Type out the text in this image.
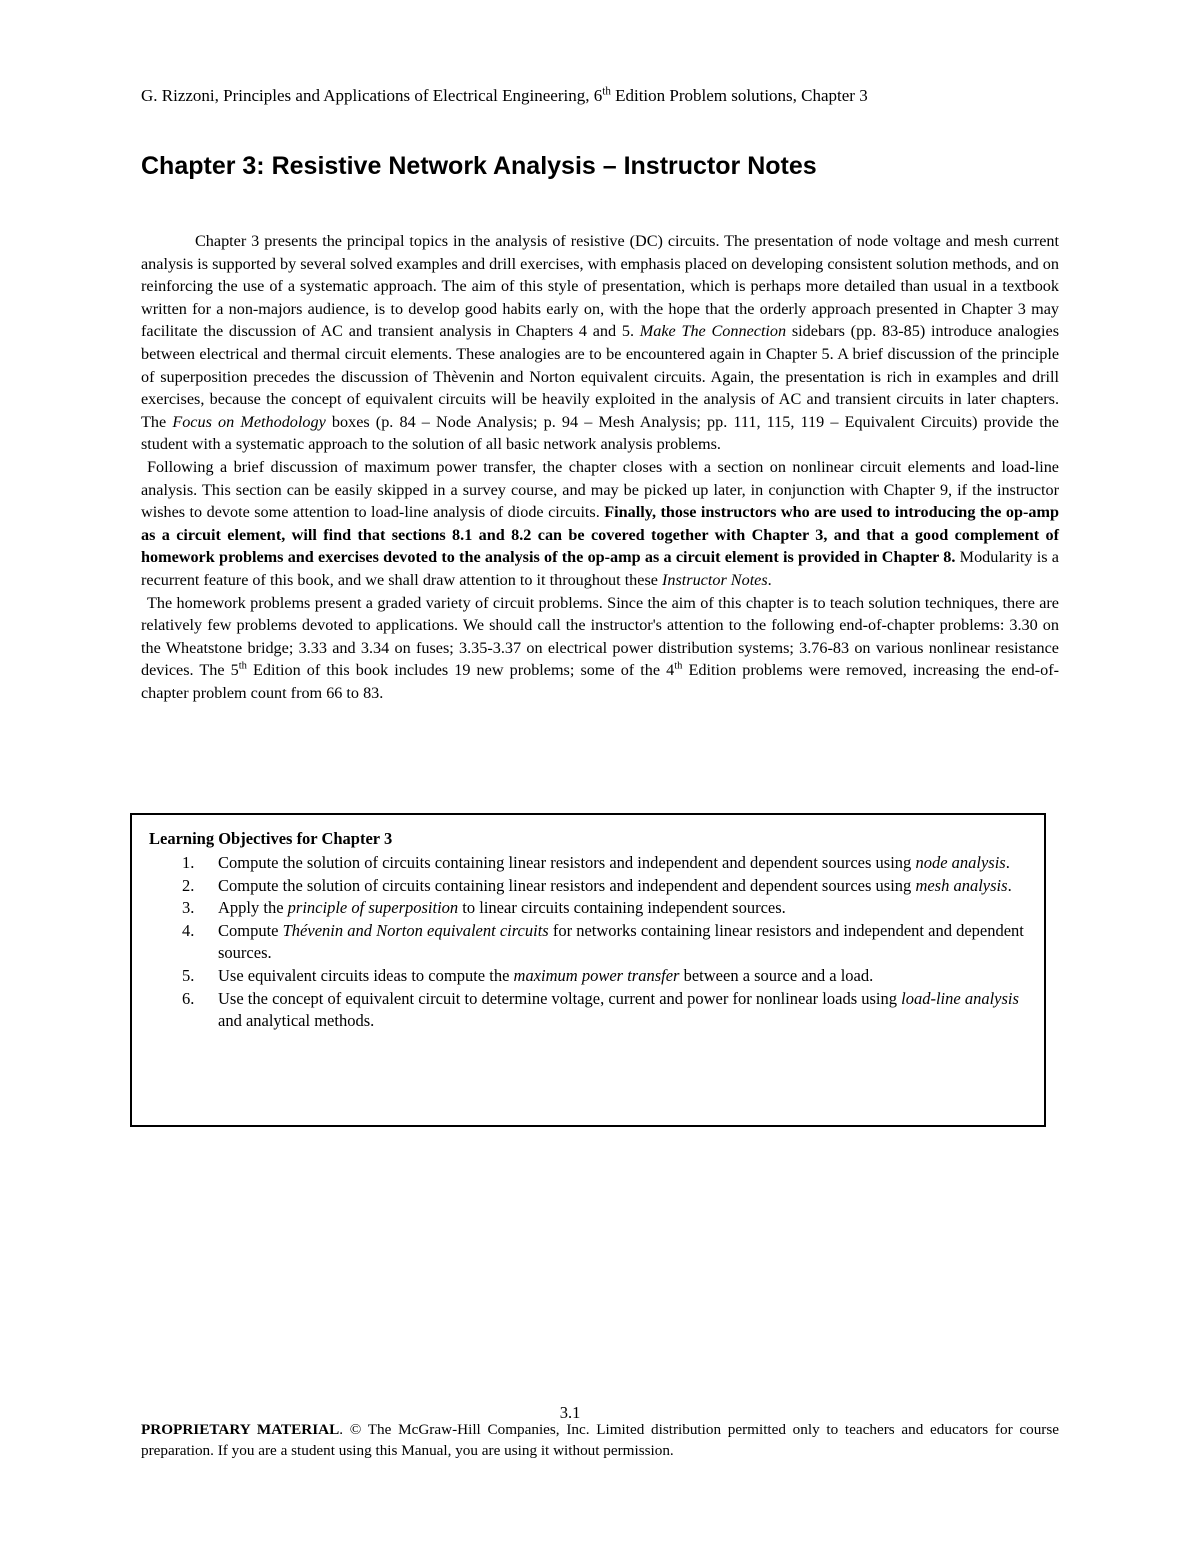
G. Rizzoni, Principles and Applications of Electrical Engineering, 6th Edition Problem solutions, Chapter 3
Chapter 3: Resistive Network Analysis – Instructor Notes

Chapter 3 presents the principal topics in the analysis of resistive (DC) circuits. The presentation of node voltage and mesh current analysis is supported by several solved examples and drill exercises, with emphasis placed on developing consistent solution methods, and on reinforcing the use of a systematic approach. The aim of this style of presentation, which is perhaps more detailed than usual in a textbook written for a non-majors audience, is to develop good habits early on, with the hope that the orderly approach presented in Chapter 3 may facilitate the discussion of AC and transient analysis in Chapters 4 and 5. Make The Connection sidebars (pp. 83-85) introduce analogies between electrical and thermal circuit elements. These analogies are to be encountered again in Chapter 5. A brief discussion of the principle of superposition precedes the discussion of Thèvenin and Norton equivalent circuits. Again, the presentation is rich in examples and drill exercises, because the concept of equivalent circuits will be heavily exploited in the analysis of AC and transient circuits in later chapters. The Focus on Methodology boxes (p. 84 – Node Analysis; p. 94 – Mesh Analysis; pp. 111, 115, 119 – Equivalent Circuits) provide the student with a systematic approach to the solution of all basic network analysis problems.

Following a brief discussion of maximum power transfer, the chapter closes with a section on nonlinear circuit elements and load-line analysis. This section can be easily skipped in a survey course, and may be picked up later, in conjunction with Chapter 9, if the instructor wishes to devote some attention to load-line analysis of diode circuits. Finally, those instructors who are used to introducing the op-amp as a circuit element, will find that sections 8.1 and 8.2 can be covered together with Chapter 3, and that a good complement of homework problems and exercises devoted to the analysis of the op-amp as a circuit element is provided in Chapter 8. Modularity is a recurrent feature of this book, and we shall draw attention to it throughout these Instructor Notes.

The homework problems present a graded variety of circuit problems. Since the aim of this chapter is to teach solution techniques, there are relatively few problems devoted to applications. We should call the instructor's attention to the following end-of-chapter problems: 3.30 on the Wheatstone bridge; 3.33 and 3.34 on fuses; 3.35-3.37 on electrical power distribution systems; 3.76-83 on various nonlinear resistance devices. The 5th Edition of this book includes 19 new problems; some of the 4th Edition problems were removed, increasing the end-of-chapter problem count from 66 to 83.

Learning Objectives for Chapter 3
1. Compute the solution of circuits containing linear resistors and independent and dependent sources using node analysis.
2. Compute the solution of circuits containing linear resistors and independent and dependent sources using mesh analysis.
3. Apply the principle of superposition to linear circuits containing independent sources.
4. Compute Thévenin and Norton equivalent circuits for networks containing linear resistors and independent and dependent sources.
5. Use equivalent circuits ideas to compute the maximum power transfer between a source and a load.
6. Use the concept of equivalent circuit to determine voltage, current and power for nonlinear loads using load-line analysis and analytical methods.
3.1
PROPRIETARY MATERIAL. © The McGraw-Hill Companies, Inc. Limited distribution permitted only to teachers and educators for course preparation. If you are a student using this Manual, you are using it without permission.
